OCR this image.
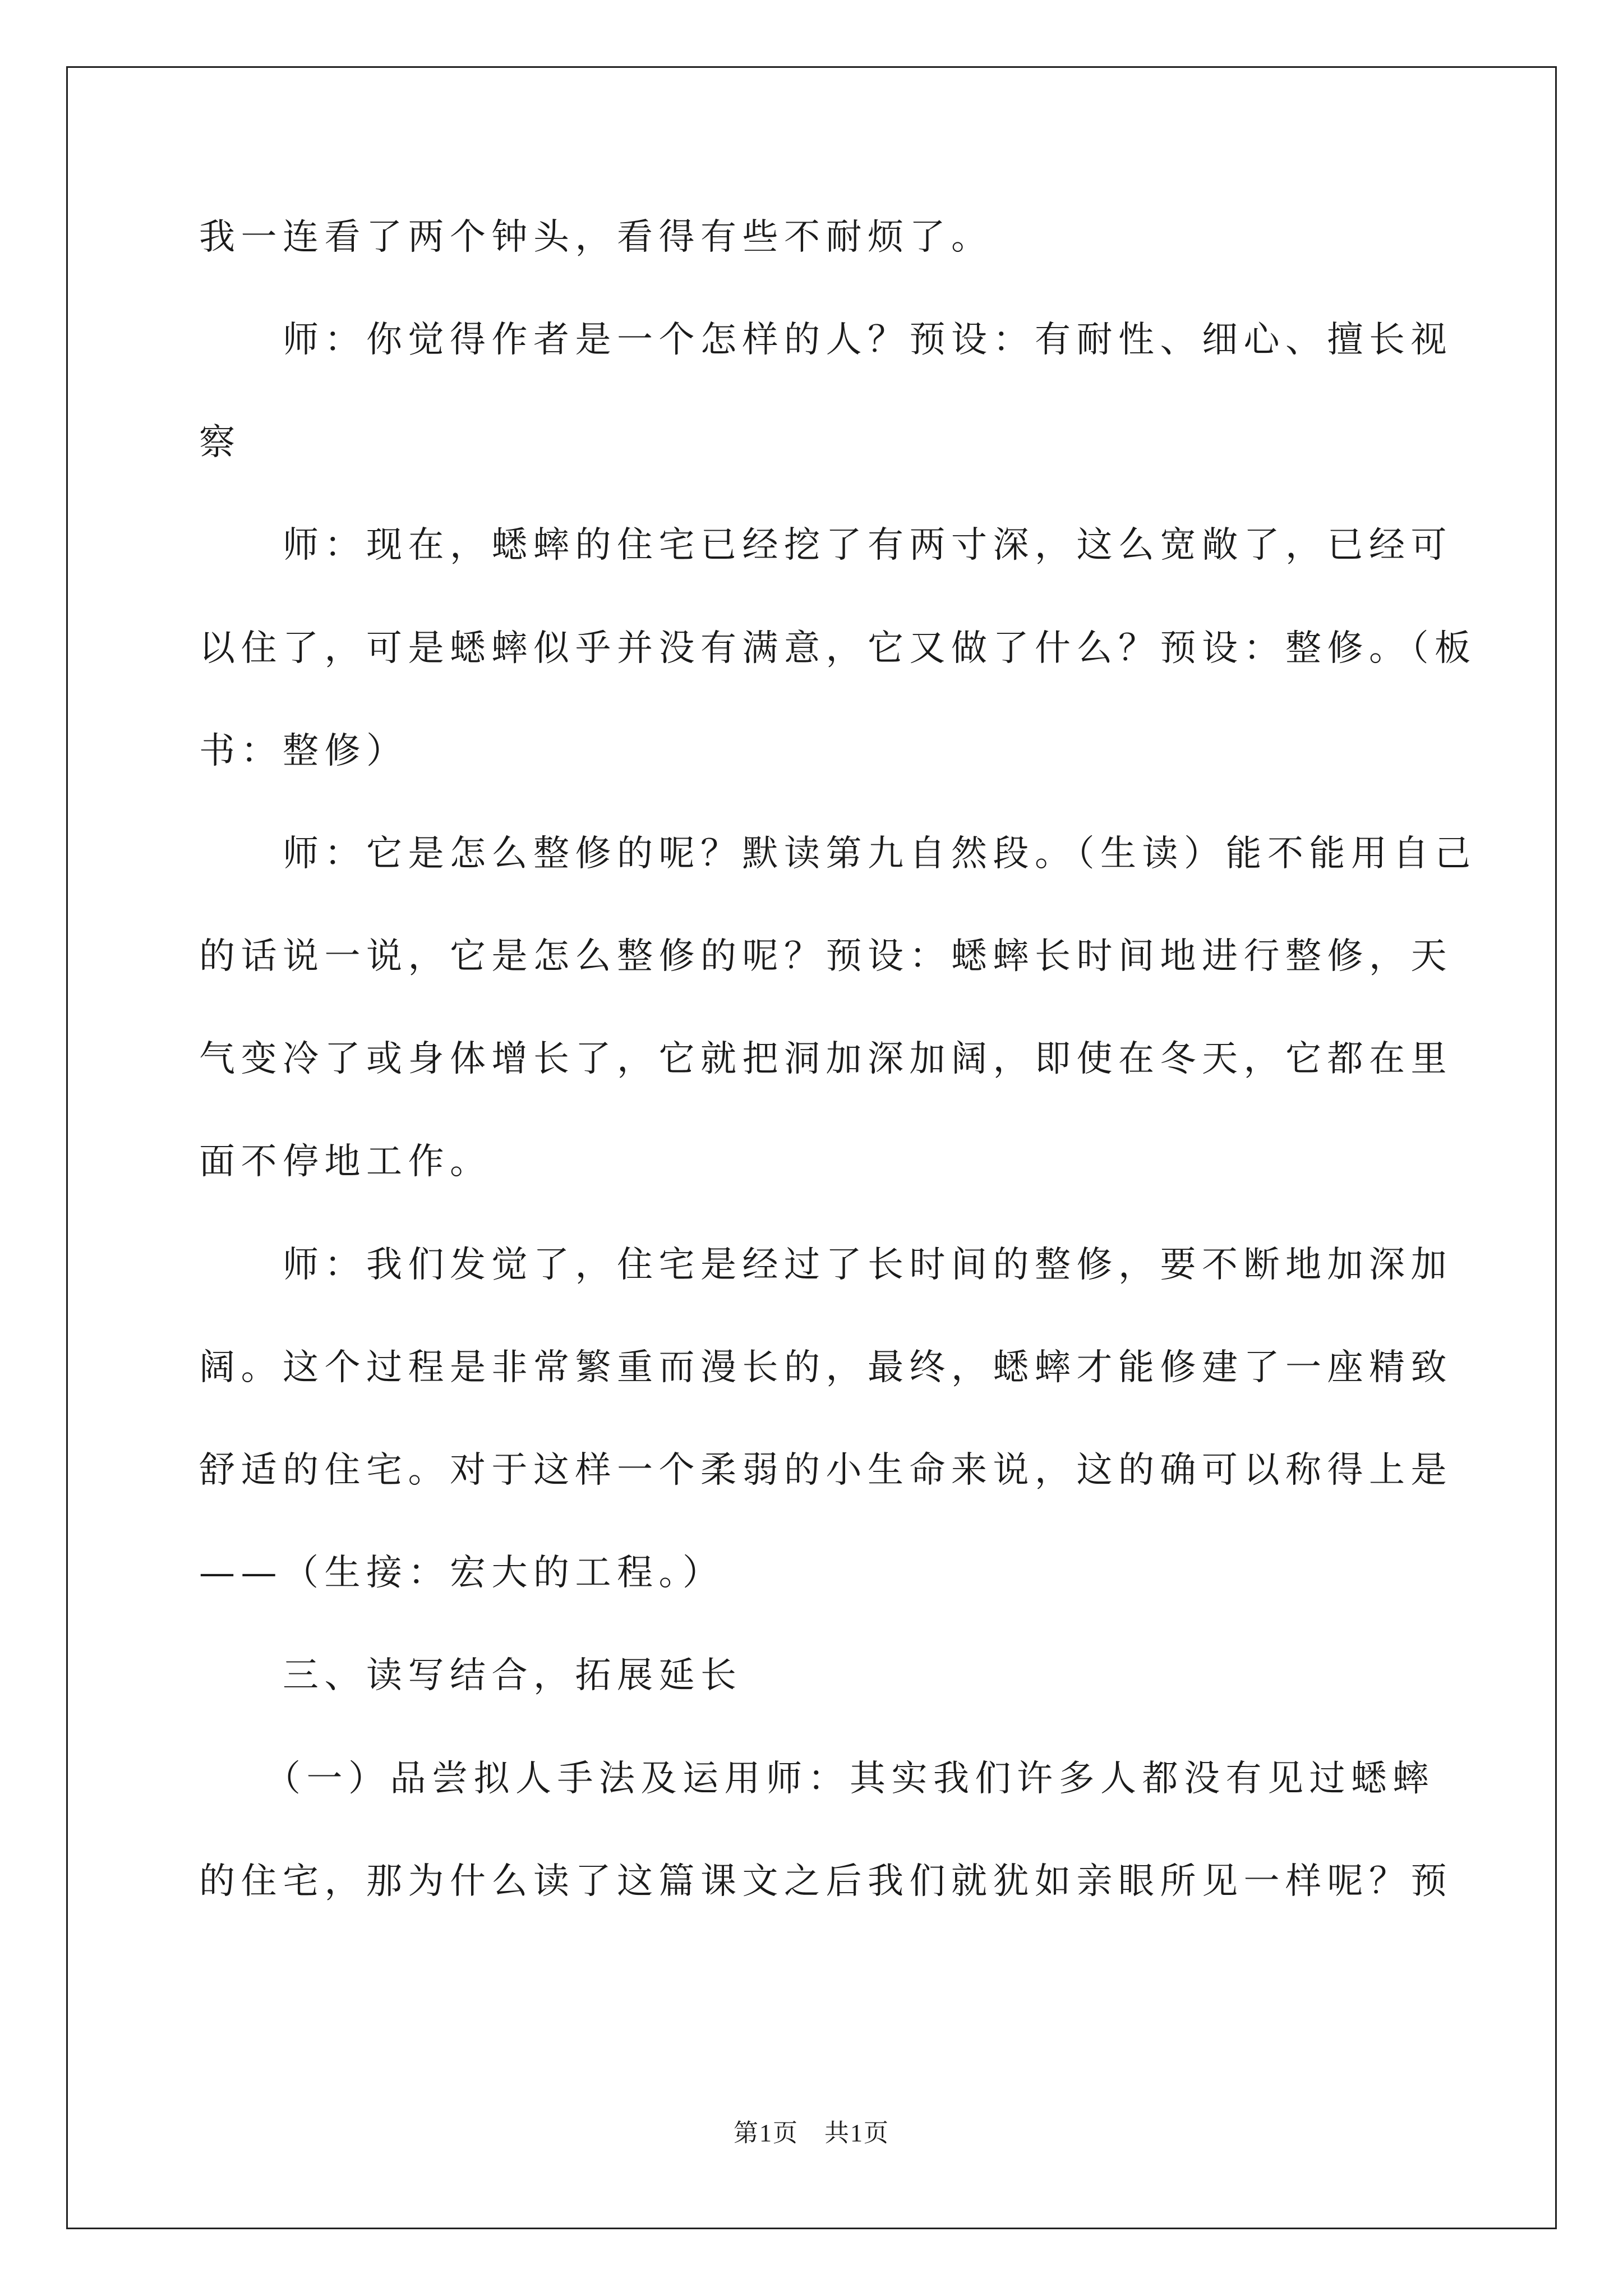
我一连看了两个钟头，看得有些不耐烦了。
　　师：你觉得作者是一个怎样的人？预设：有耐性、细心、擅长视
察
　　师：现在，蟋蟀的住宅已经挖了有两寸深，这么宽敞了，已经可
以住了，可是蟋蟀似乎并没有满意，它又做了什么？预设：整修。（板
书：整修）
　　师：它是怎么整修的呢？默读第九自然段。（生读）能不能用自己
的话说一说，它是怎么整修的呢？预设：蟋蟀长时间地进行整修，天
气变冷了或身体增长了，它就把洞加深加阔，即使在冬天，它都在里
面不停地工作。
　　师：我们发觉了，住宅是经过了长时间的整修，要不断地加深加
阔。这个过程是非常繁重而漫长的，最终，蟋蟀才能修建了一座精致
舒适的住宅。对于这样一个柔弱的小生命来说，这的确可以称得上是
——（生接：宏大的工程。）
　　三、读写结合，拓展延长
　　（一）品尝拟人手法及运用师：其实我们许多人都没有见过蟋蟀
的住宅，那为什么读了这篇课文之后我们就犹如亲眼所见一样呢？预
第1页　共1页
